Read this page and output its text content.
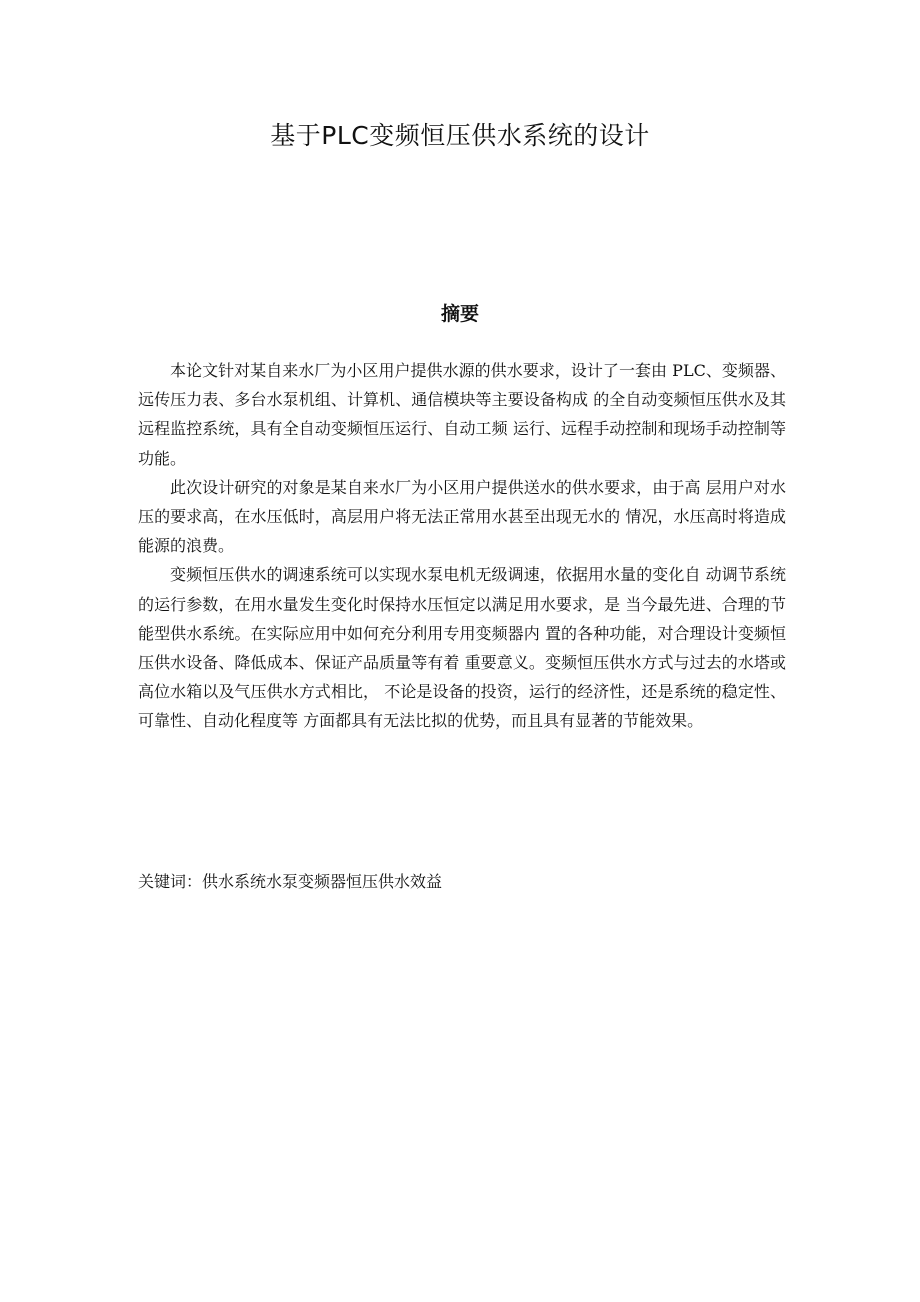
基于PLC变频恒压供水系统的设计
摘要

本论文针对某自来水厂为小区用户提供水源的供水要求，设计了一套由 PLC、变频器、远传压力表、多台水泵机组、计算机、通信模块等主要设备构成 的全自动变频恒压供水及其远程监控系统，具有全自动变频恒压运行、自动工频 运行、远程手动控制和现场手动控制等功能。

此次设计研究的对象是某自来水厂为小区用户提供送水的供水要求，由于高 层用户对水压的要求高，在水压低时，高层用户将无法正常用水甚至出现无水的 情况，水压高时将造成能源的浪费。

变频恒压供水的调速系统可以实现水泵电机无级调速，依据用水量的变化自 动调节系统的运行参数，在用水量发生变化时保持水压恒定以满足用水要求，是 当今最先进、合理的节能型供水系统。在实际应用中如何充分利用专用变频器内 置的各种功能，对合理设计变频恒压供水设备、降低成本、保证产品质量等有着 重要意义。变频恒压供水方式与过去的水塔或高位水箱以及气压供水方式相比， 不论是设备的投资，运行的经济性，还是系统的稳定性、可靠性、自动化程度等 方面都具有无法比拟的优势，而且具有显著的节能效果。

关键词：供水系统水泵变频器恒压供水效益
